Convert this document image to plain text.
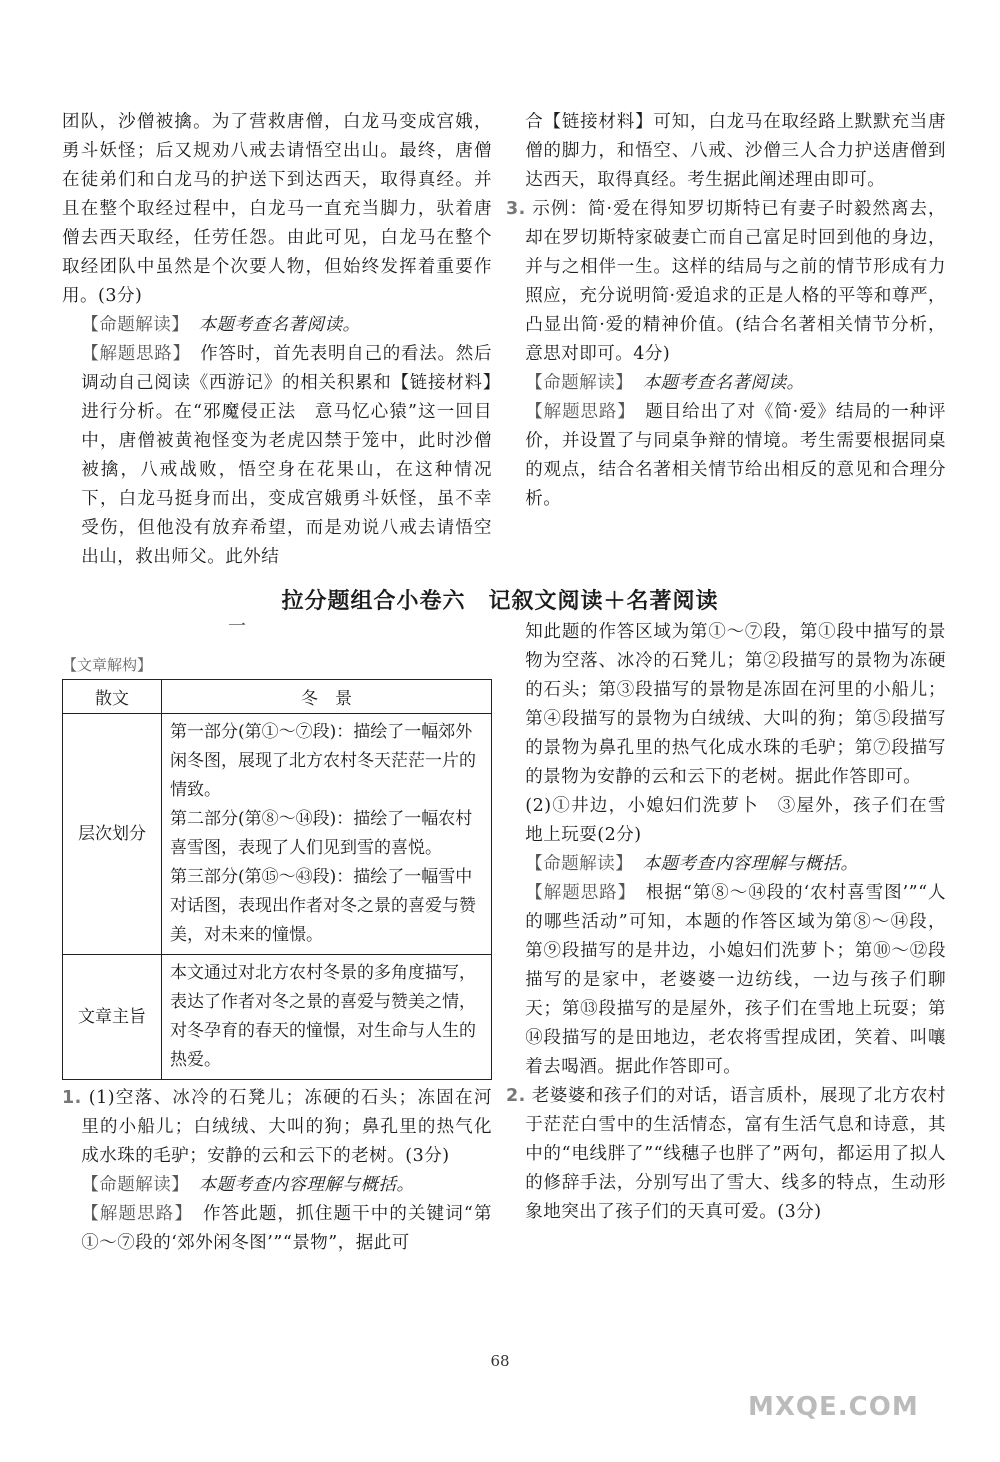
团队，沙僧被擒。为了营救唐僧，白龙马变成宫娥，勇斗妖怪；后又规劝八戒去请悟空出山。最终，唐僧在徒弟们和白龙马的护送下到达西天，取得真经。并且在整个取经过程中，白龙马一直充当脚力，驮着唐僧去西天取经，任劳任怨。由此可见，白龙马在整个取经团队中虽然是个次要人物，但始终发挥着重要作用。(3分)

【命题解读】　 本题考查名著阅读。

【解题思路】　 作答时，首先表明自己的看法。然后调动自己阅读《西游记》的相关积累和【链接材料】进行分析。在“邪魔侵正法　意马忆心猿”这一回目中，唐僧被黄袍怪变为老虎囚禁于笼中，此时沙僧被擒，八戒战败，悟空身在花果山，在这种情况下，白龙马挺身而出，变成宫娥勇斗妖怪，虽不幸受伤，但他没有放弃希望，而是劝说八戒去请悟空出山，救出师父。此外结

合【链接材料】可知，白龙马在取经路上默默充当唐僧的脚力，和悟空、八戒、沙僧三人合力护送唐僧到达西天，取得真经。考生据此阐述理由即可。

3. 示例：简·爱在得知罗切斯特已有妻子时毅然离去，却在罗切斯特家破妻亡而自己富足时回到他的身边，并与之相伴一生。这样的结局与之前的情节形成有力照应，充分说明简·爱追求的正是人格的平等和尊严，凸显出简·爱的精神价值。(结合名著相关情节分析，意思对即可。4分)

【命题解读】　 本题考查名著阅读。

【解题思路】　 题目给出了对《简·爱》结局的一种评价，并设置了与同桌争辩的情境。考生需要根据同桌的观点，结合名著相关情节给出相反的意见和合理分析。

拉分题组合小卷六　记叙文阅读＋名著阅读
一
【文章解构】
散文	冬　景
层次划分	第一部分(第①～⑦段)：描绘了一幅郊外闲冬图，展现了北方农村冬天茫茫一片的情致。
第二部分(第⑧～⑭段)：描绘了一幅农村喜雪图，表现了人们见到雪的喜悦。
第三部分(第⑮～㊸段)：描绘了一幅雪中对话图，表现出作者对冬之景的喜爱与赞美，对未来的憧憬。

文章主旨	本文通过对北方农村冬景的多角度描写，表达了作者对冬之景的喜爱与赞美之情，对冬孕育的春天的憧憬，对生命与人生的热爱。

1. (1)空落、冰冷的石凳儿；冻硬的石头；冻固在河里的小船儿；白绒绒、大叫的狗；鼻孔里的热气化成水珠的毛驴；安静的云和云下的老树。(3分)

【命题解读】　 本题考查内容理解与概括。

【解题思路】　 作答此题，抓住题干中的关键词“第①～⑦段的‘郊外闲冬图’”“景物”，据此可

知此题的作答区域为第①～⑦段，第①段中描写的景物为空落、冰冷的石凳儿；第②段描写的景物为冻硬的石头；第③段描写的景物是冻固在河里的小船儿；第④段描写的景物为白绒绒、大叫的狗；第⑤段描写的景物为鼻孔里的热气化成水珠的毛驴；第⑦段描写的景物为安静的云和云下的老树。据此作答即可。

(2)①井边，小媳妇们洗萝卜　③屋外，孩子们在雪地上玩耍(2分)

【命题解读】　 本题考查内容理解与概括。

【解题思路】　 根据“第⑧～⑭段的‘农村喜雪图’”“人的哪些活动”可知，本题的作答区域为第⑧～⑭段，第⑨段描写的是井边，小媳妇们洗萝卜；第⑩～⑫段描写的是家中，老婆婆一边纺线，一边与孩子们聊天；第⑬段描写的是屋外，孩子们在雪地上玩耍；第⑭段描写的是田地边，老农将雪捏成团，笑着、叫嚷着去喝酒。据此作答即可。

2. 老婆婆和孩子们的对话，语言质朴，展现了北方农村于茫茫白雪中的生活情态，富有生活气息和诗意，其中的“电线胖了”“线穗子也胖了”两句，都运用了拟人的修辞手法，分别写出了雪大、线多的特点，生动形象地突出了孩子们的天真可爱。(3分)

68
MXQE.COM
